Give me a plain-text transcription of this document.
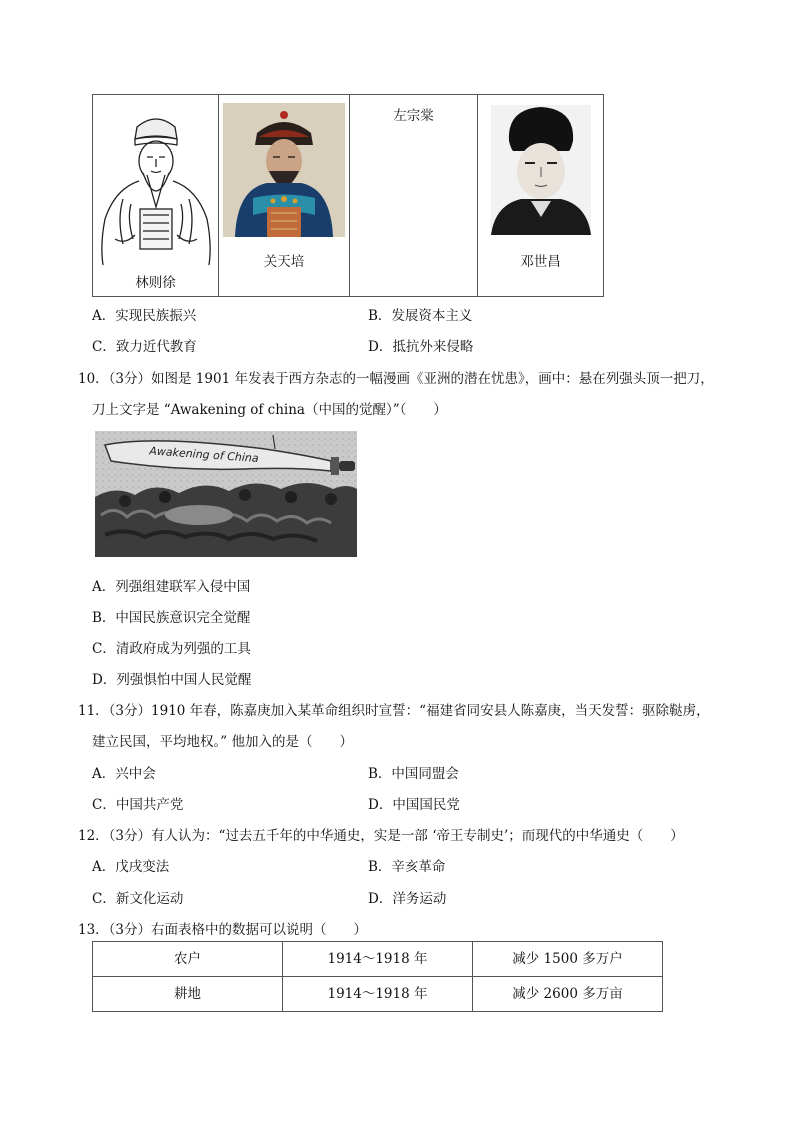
林则徐
关天培
左宗棠
邓世昌
A．实现民族振兴	B．发展资本主义
C．致力近代教育	D．抵抗外来侵略
10．（3分）如图是 1901 年发表于西方杂志的一幅漫画《亚洲的潜在忧患》，画中：悬在列强头顶一把刀，
刀上文字是 “Awakening of china（中国的觉醒）”（　　）
Awakening of China
A．列强组建联军入侵中国
B．中国民族意识完全觉醒
C．清政府成为列强的工具
D．列强惧怕中国人民觉醒
11．（3分）1910 年春，陈嘉庚加入某革命组织时宣誓：“福建省同安县人陈嘉庚，当天发誓：驱除鞑虏，
建立民国，平均地权。” 他加入的是（　　）
A．兴中会	B．中国同盟会
C．中国共产党	D．中国国民党
12．（3分）有人认为：“过去五千年的中华通史，实是一部 ‘帝王专制史’；而现代的中华通史（　　）
A．戊戌变法	B．辛亥革命
C．新文化运动	D．洋务运动
13．（3分）右面表格中的数据可以说明（　　）
农户	1914～1918 年	减少 1500 多万户
耕地	1914～1918 年	减少 2600 多万亩
